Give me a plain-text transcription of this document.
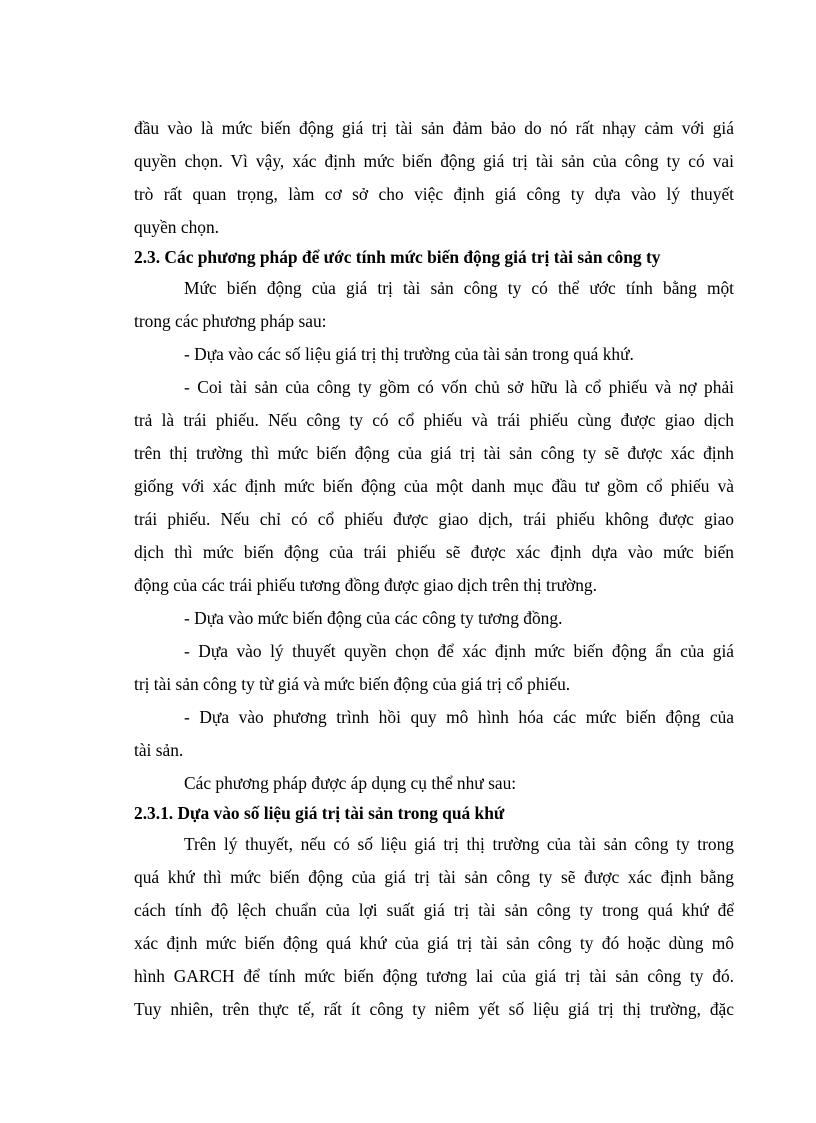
đầu vào là mức biến động giá trị tài sản đảm bảo do nó rất nhạy cảm với giá
quyền chọn. Vì vậy, xác định mức biến động giá trị tài sản của công ty có vai
trò rất quan trọng, làm cơ sở cho việc định giá công ty dựa vào lý thuyết
quyền chọn.
2.3. Các phương pháp để ước tính mức biến động giá trị tài sản công ty
Mức biến động của giá trị tài sản công ty có thể ước tính bằng một
trong các phương pháp sau:
- Dựa vào các số liệu giá trị thị trường của tài sản trong quá khứ.
- Coi tài sản của công ty gồm có vốn chủ sở hữu là cổ phiếu và nợ phải
trả là trái phiếu. Nếu công ty có cổ phiếu và trái phiếu cùng được giao dịch
trên thị trường thì mức biến động của giá trị tài sản công ty sẽ được xác định
giống với xác định mức biến động của một danh mục đầu tư gồm cổ phiếu và
trái phiếu. Nếu chỉ có cổ phiếu được giao dịch, trái phiếu không được giao
dịch thì mức biến động của trái phiếu sẽ được xác định dựa vào mức biến
động của các trái phiếu tương đồng được giao dịch trên thị trường.
- Dựa vào mức biến động của các công ty tương đồng.
- Dựa vào lý thuyết quyền chọn để xác định mức biến động ẩn của giá
trị tài sản công ty từ giá và mức biến động của giá trị cổ phiếu.
- Dựa vào phương trình hồi quy mô hình hóa các mức biến động của
tài sản.
Các phương pháp được áp dụng cụ thể như sau:
2.3.1. Dựa vào số liệu giá trị tài sản trong quá khứ
Trên lý thuyết, nếu có số liệu giá trị thị trường của tài sản công ty trong
quá khứ thì mức biến động của giá trị tài sản công ty sẽ được xác định bằng
cách tính độ lệch chuẩn của lợi suất giá trị tài sản công ty trong quá khứ để
xác định mức biến động quá khứ của giá trị tài sản công ty đó hoặc dùng mô
hình GARCH để tính mức biến động tương lai của giá trị tài sản công ty đó.
Tuy nhiên, trên thực tế, rất ít công ty niêm yết số liệu giá trị thị trường, đặc
